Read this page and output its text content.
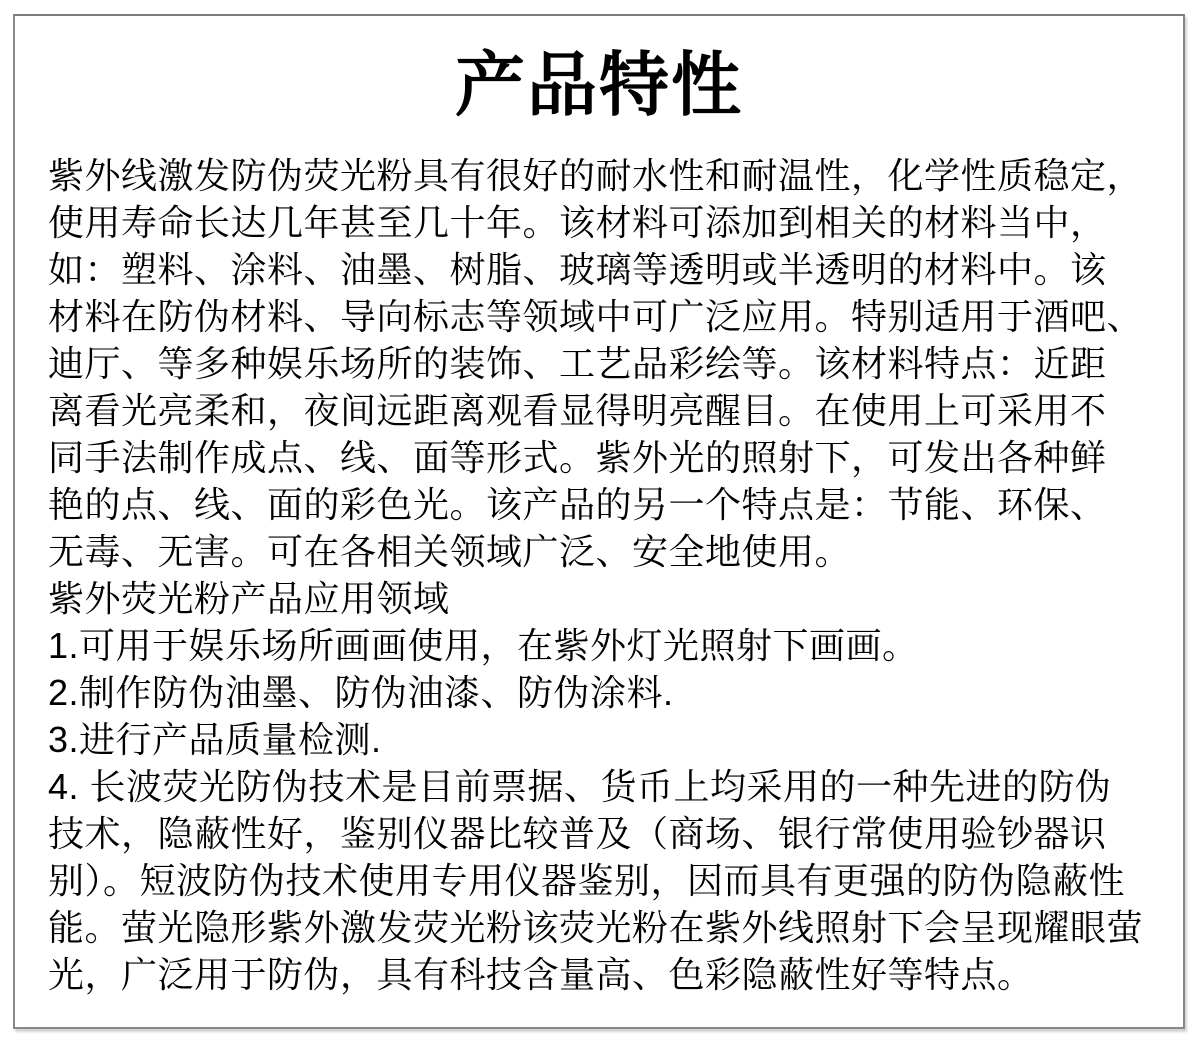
产品特性
紫外线激发防伪荧光粉具有很好的耐水性和耐温性，化学性质稳定，
使用寿命长达几年甚至几十年。该材料可添加到相关的材料当中，
如：塑料、涂料、油墨、树脂、玻璃等透明或半透明的材料中。该
材料在防伪材料、导向标志等领域中可广泛应用。特别适用于酒吧、
迪厅、等多种娱乐场所的装饰、工艺品彩绘等。该材料特点：近距
离看光亮柔和，夜间远距离观看显得明亮醒目。在使用上可采用不
同手法制作成点、线、面等形式。紫外光的照射下，可发出各种鲜
艳的点、线、面的彩色光。该产品的另一个特点是：节能、环保、
无毒、无害。可在各相关领域广泛、安全地使用。
紫外荧光粉产品应用领域
1.可用于娱乐场所画画使用，在紫外灯光照射下画画。
2.制作防伪油墨、防伪油漆、防伪涂料.
3.进行产品质量检测.
4. 长波荧光防伪技术是目前票据、货币上均采用的一种先进的防伪
技术，隐蔽性好，鉴别仪器比较普及（商场、银行常使用验钞器识
别）。短波防伪技术使用专用仪器鉴别，因而具有更强的防伪隐蔽性
能。萤光隐形紫外激发荧光粉该荧光粉在紫外线照射下会呈现耀眼萤
光，广泛用于防伪，具有科技含量高、色彩隐蔽性好等特点。
